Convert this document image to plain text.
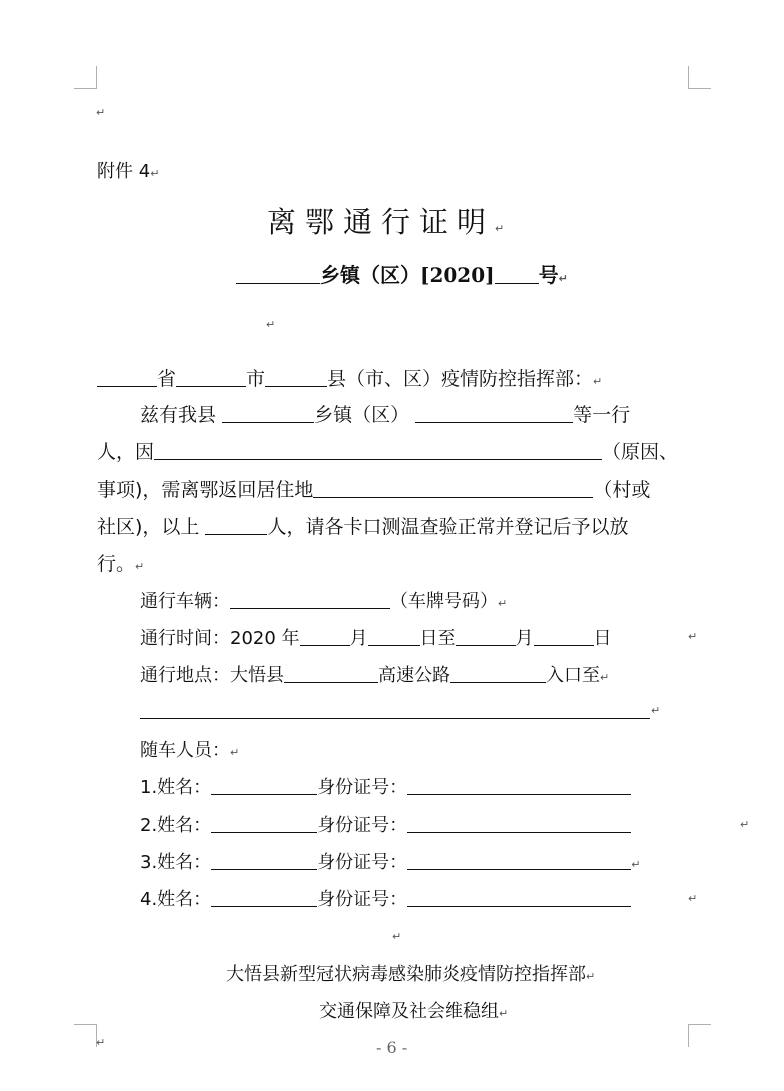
↵
↵
↵
↵
↵
↵
↵
↵
附件 4↵
离鄂通行证明↵
乡镇（区）[2020] 号↵
省	市	县（市、区）疫情防控指挥部：↵
兹有我县	乡镇（区）	等一行
人，因	（原因、
事项)，需离鄂返回居住地	（村或
社区)，以上	人，请各卡口测温查验正常并登记后予以放
行。↵
通行车辆：	（车牌号码）↵
通行时间：2020 年	月	日至	月	日
通行地点：大悟县	高速公路	入口至↵
随车人员：↵
1.姓名：	身份证号：
2.姓名：	身份证号：
3.姓名：	身份证号：	↵
4.姓名：	身份证号：
大悟县新型冠状病毒感染肺炎疫情防控指挥部↵
交通保障及社会维稳组↵
- 6 -
